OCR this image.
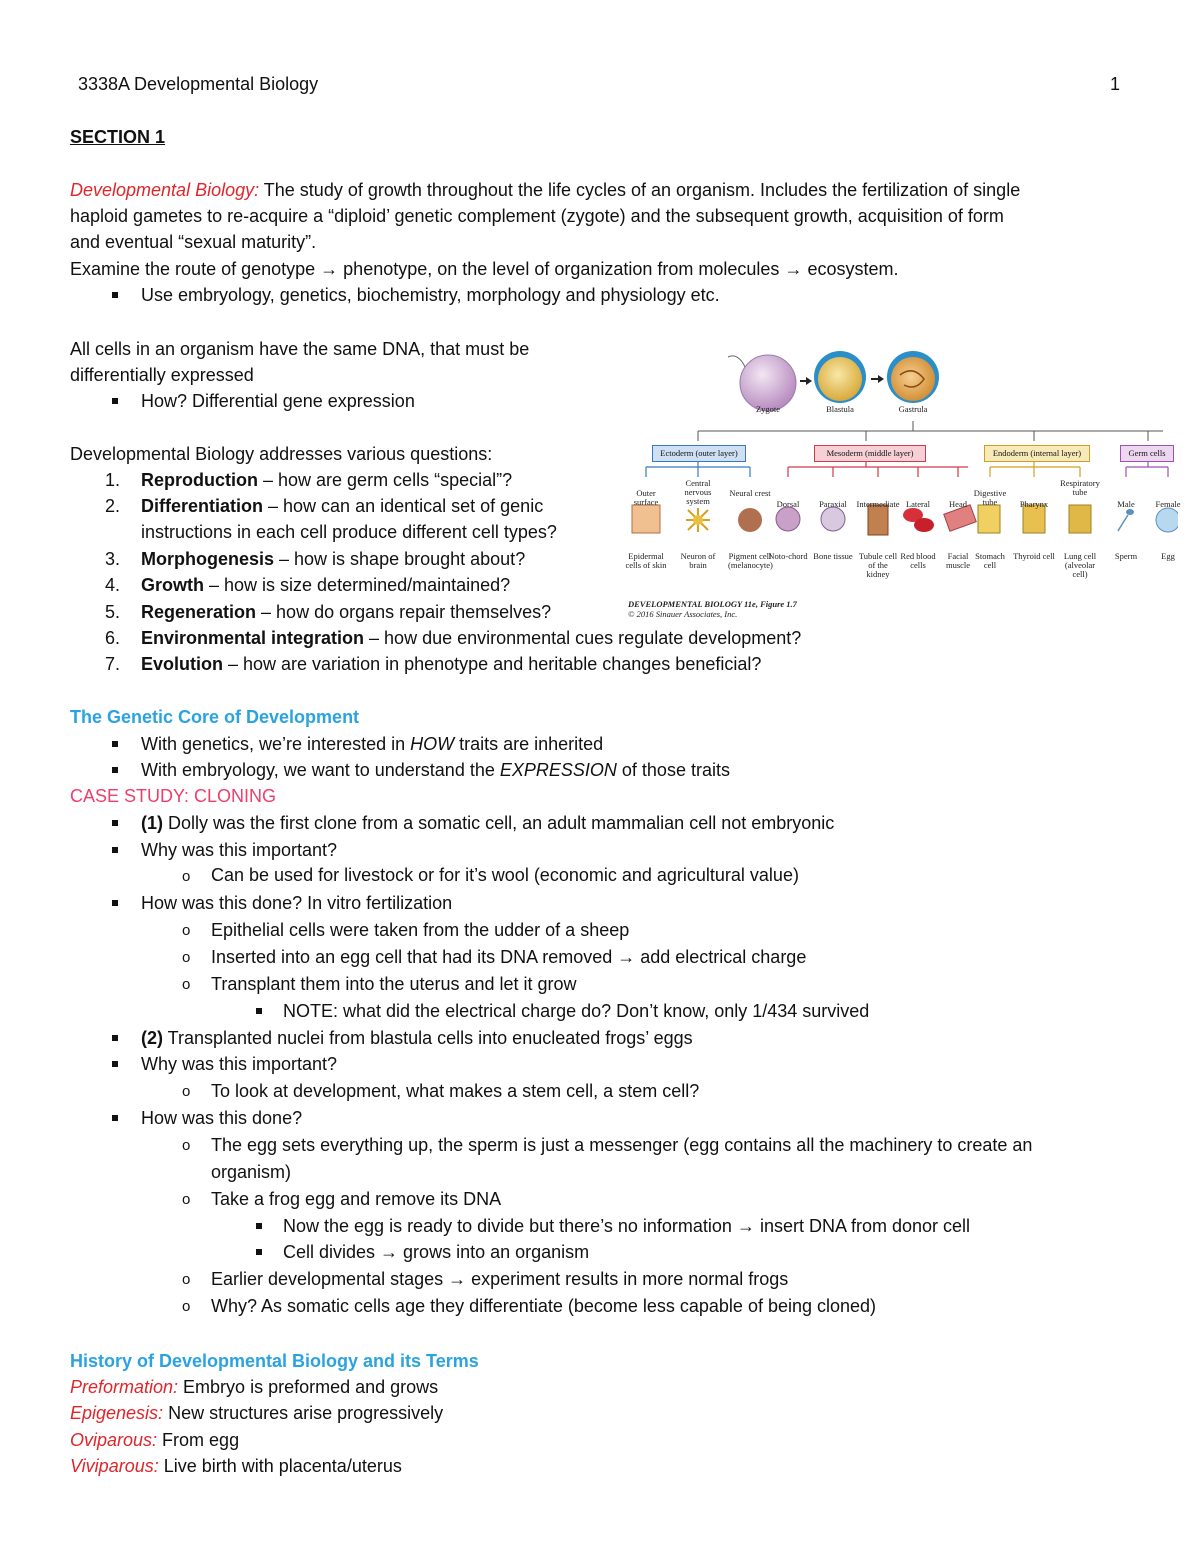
3338A Developmental Biology	1
SECTION 1
Developmental Biology: The study of growth throughout the life cycles of an organism. Includes the fertilization of single
haploid gametes to re-acquire a “diploid’ genetic complement (zygote) and the subsequent growth, acquisition of form
and eventual “sexual maturity”.
Examine the route of genotype → phenotype, on the level of organization from molecules → ecosystem.
Use embryology, genetics, biochemistry, morphology and physiology etc.
All cells in an organism have the same DNA, that must be
differentially expressed
How? Differential gene expression
Developmental Biology addresses various questions:
1. Reproduction – how are germ cells “special”?
2. Differentiation – how can an identical set of genic
instructions in each cell produce different cell types?
3. Morphogenesis – how is shape brought about?
4. Growth – how is size determined/maintained?
5. Regeneration – how do organs repair themselves?
6. Environmental integration – how due environmental cues regulate development?
7. Evolution – how are variation in phenotype and heritable changes beneficial?
Zygote	Blastula	Gastrula
Ectoderm (outer layer)	Mesoderm (middle layer)	Endoderm (internal layer)	Germ cells
Outer surface
Epidermal cells of skin
Central nervous system
Neuron of brain
Neural crest
Pigment cell (melanocyte)
Dorsal
Noto-chord
Paraxial
Bone tissue
Intermediate
Tubule cell of the kidney
Lateral
Red blood cells
Head
Facial muscle
Digestive tube
Stomach cell
Pharynx
Thyroid cell
Respiratory tube
Lung cell (alveolar cell)
Male
Sperm
Female
Egg
DEVELOPMENTAL BIOLOGY 11e, Figure 1.7
© 2016 Sinauer Associates, Inc.
The Genetic Core of Development
With genetics, we’re interested in HOW traits are inherited
With embryology, we want to understand the EXPRESSION of those traits
CASE STUDY: CLONING
(1) Dolly was the first clone from a somatic cell, an adult mammalian cell not embryonic
Why was this important?
o Can be used for livestock or for it’s wool (economic and agricultural value)
How was this done? In vitro fertilization
o Epithelial cells were taken from the udder of a sheep
o Inserted into an egg cell that had its DNA removed → add electrical charge
o Transplant them into the uterus and let it grow
NOTE: what did the electrical charge do? Don’t know, only 1/434 survived
(2) Transplanted nuclei from blastula cells into enucleated frogs’ eggs
Why was this important?
o To look at development, what makes a stem cell, a stem cell?
How was this done?
o The egg sets everything up, the sperm is just a messenger (egg contains all the machinery to create an
organism)
o Take a frog egg and remove its DNA
Now the egg is ready to divide but there’s no information → insert DNA from donor cell
Cell divides → grows into an organism
o Earlier developmental stages → experiment results in more normal frogs
o Why? As somatic cells age they differentiate (become less capable of being cloned)
History of Developmental Biology and its Terms
Preformation: Embryo is preformed and grows
Epigenesis: New structures arise progressively
Oviparous: From egg
Viviparous: Live birth with placenta/uterus
